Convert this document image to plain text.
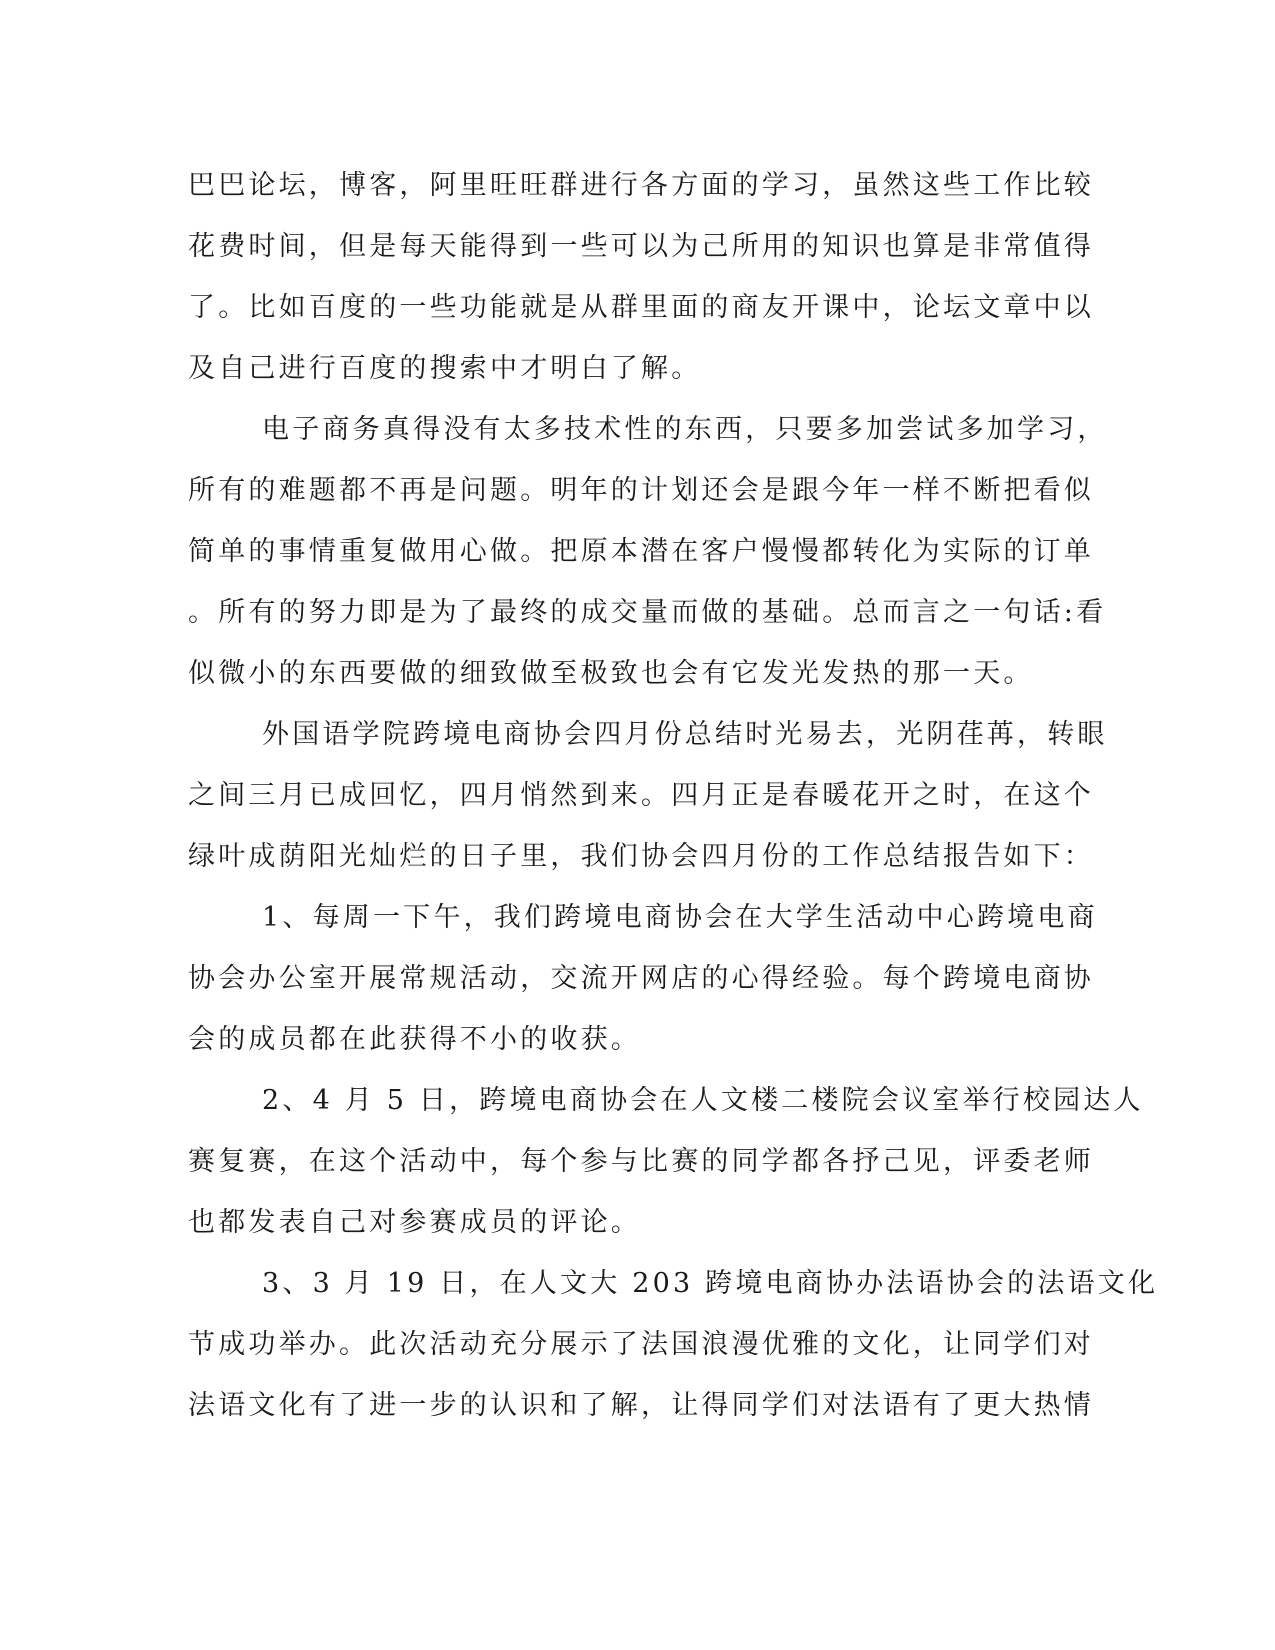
巴巴论坛，博客，阿里旺旺群进行各方面的学习，虽然这些工作比较
花费时间，但是每天能得到一些可以为己所用的知识也算是非常值得
了。比如百度的一些功能就是从群里面的商友开课中，论坛文章中以
及自己进行百度的搜索中才明白了解。
电子商务真得没有太多技术性的东西，只要多加尝试多加学习，
所有的难题都不再是问题。明年的计划还会是跟今年一样不断把看似
简单的事情重复做用心做。把原本潜在客户慢慢都转化为实际的订单
。所有的努力即是为了最终的成交量而做的基础。总而言之一句话:看
似微小的东西要做的细致做至极致也会有它发光发热的那一天。
外国语学院跨境电商协会四月份总结时光易去，光阴荏苒，转眼
之间三月已成回忆，四月悄然到来。四月正是春暖花开之时，在这个
绿叶成荫阳光灿烂的日子里，我们协会四月份的工作总结报告如下：
1、每周一下午，我们跨境电商协会在大学生活动中心跨境电商
协会办公室开展常规活动，交流开网店的心得经验。每个跨境电商协
会的成员都在此获得不小的收获。
2、4 月 5 日，跨境电商协会在人文楼二楼院会议室举行校园达人
赛复赛，在这个活动中，每个参与比赛的同学都各抒己见，评委老师
也都发表自己对参赛成员的评论。
3、3 月 19 日，在人文大 203 跨境电商协办法语协会的法语文化
节成功举办。此次活动充分展示了法国浪漫优雅的文化，让同学们对
法语文化有了进一步的认识和了解，让得同学们对法语有了更大热情
